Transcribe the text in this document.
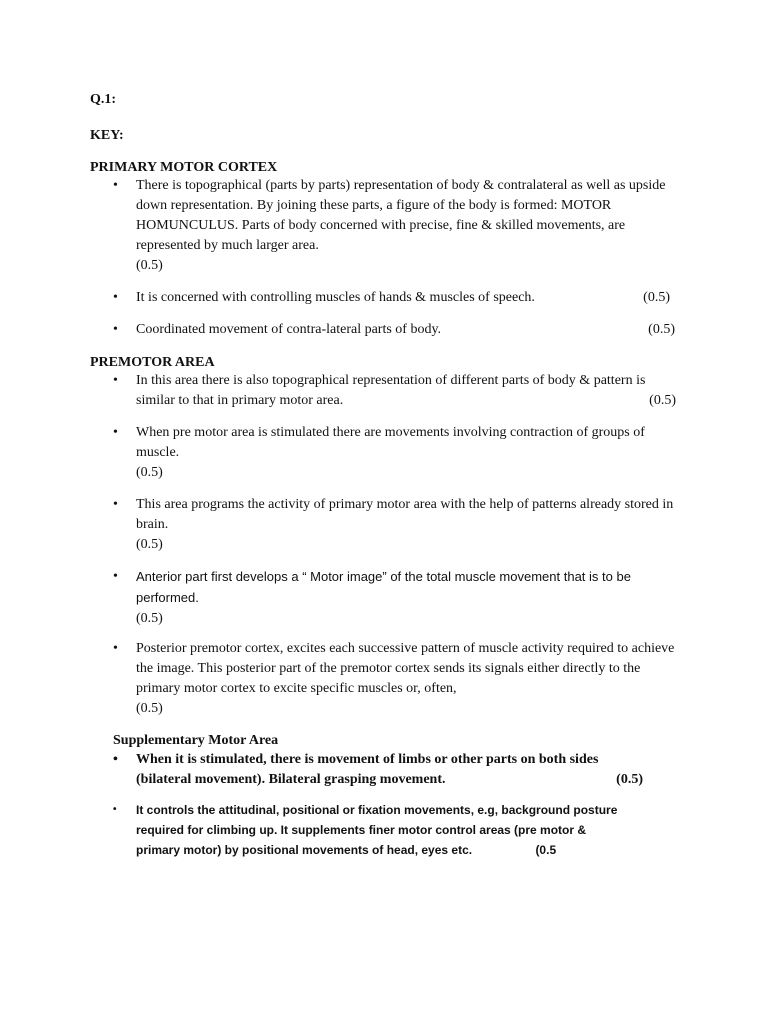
Q.1:

KEY:

PRIMARY MOTOR CORTEX

• There is topographical (parts by parts) representation of body & contralateral as well as upside down representation. By joining these parts, a figure of the body is formed: MOTOR HOMUNCULUS. Parts of body concerned with precise, fine & skilled movements, are represented by much larger area.
(0.5)
• It is concerned with controlling muscles of hands & muscles of speech.	(0.5)
• Coordinated movement of contra-lateral parts of body.	(0.5)

PREMOTOR AREA

• In this area there is also topographical representation of different parts of body & pattern is similar to that in primary motor area.	(0.5)
• When pre motor area is stimulated there are movements involving contraction of groups of muscle.
(0.5)
• This area programs the activity of primary motor area with the help of patterns already stored in brain.
(0.5)
• Anterior part first develops a “ Motor image” of the total muscle movement that is to be performed.
(0.5)
• Posterior premotor cortex, excites each successive pattern of muscle activity required to achieve the image. This posterior part of the premotor cortex sends its signals either directly to the primary motor cortex to excite specific muscles or, often,
(0.5)

Supplementary Motor Area

• When it is stimulated, there is movement of limbs or other parts on both sides (bilateral movement). Bilateral grasping movement.	(0.5)
• It controls the attitudinal, positional or fixation movements, e.g, background posture required for climbing up. It supplements finer motor control areas (pre motor & primary motor) by positional movements of head, eyes etc.	(0.5
